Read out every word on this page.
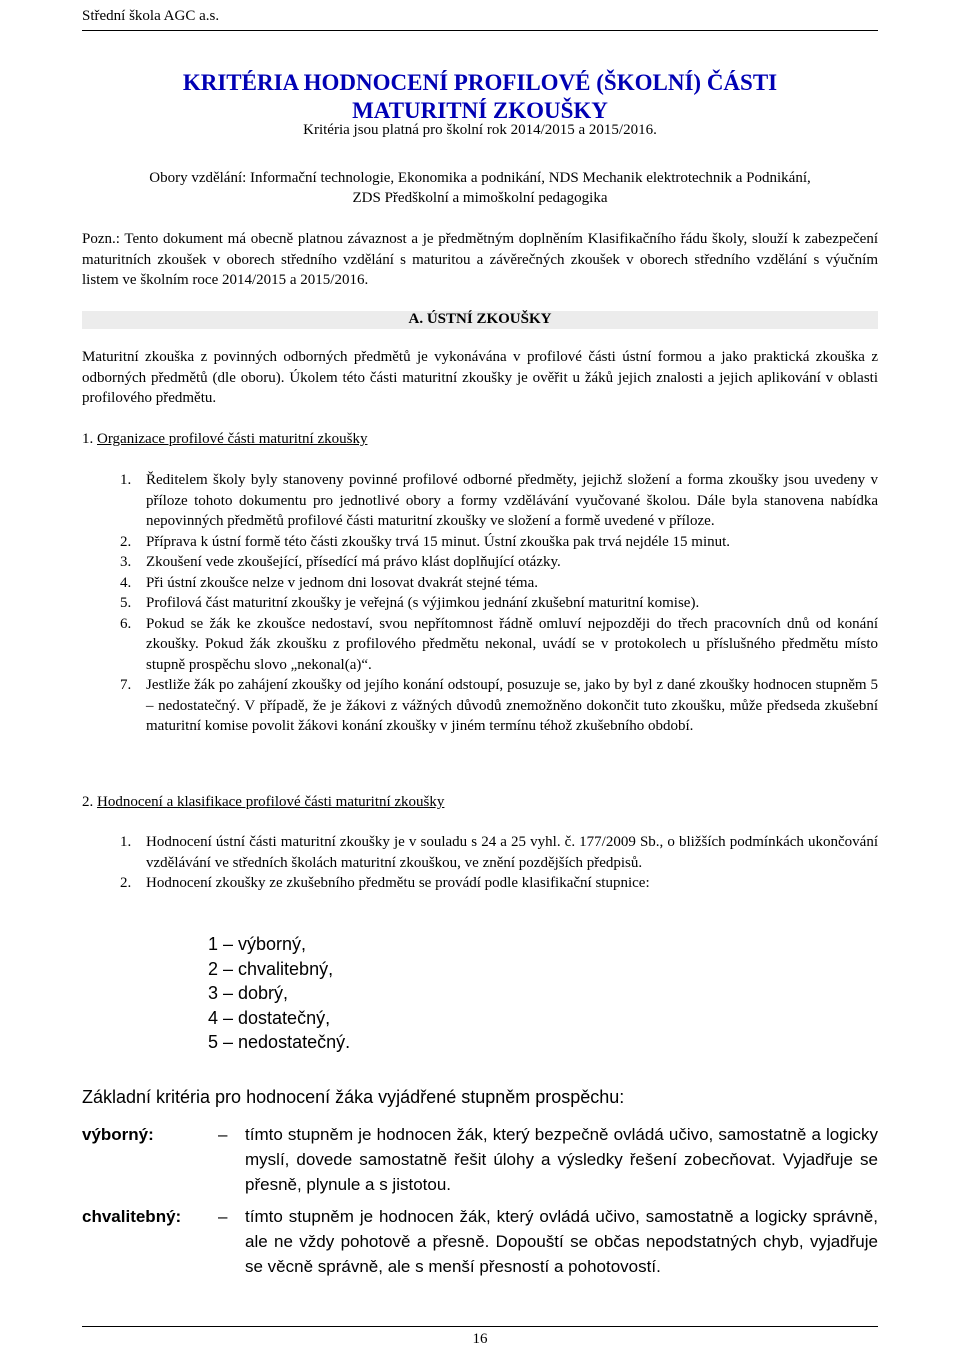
Střední škola AGC a.s.
KRITÉRIA HODNOCENÍ PROFILOVÉ (ŠKOLNÍ) ČÁSTI
MATURITNÍ ZKOUŠKY
Kritéria jsou platná pro školní rok 2014/2015 a 2015/2016.
Obory vzdělání: Informační technologie, Ekonomika a podnikání, NDS Mechanik elektrotechnik a Podnikání,
ZDS Předškolní a mimoškolní pedagogika
Pozn.: Tento dokument má obecně platnou závaznost a je předmětným doplněním Klasifikačního řádu školy, slouží k zabezpečení maturitních zkoušek v oborech středního vzdělání s maturitou a závěrečných zkoušek v oborech středního vzdělání s výučním listem ve školním roce 2014/2015 a 2015/2016.
A. ÚSTNÍ ZKOUŠKY
Maturitní zkouška z povinných odborných předmětů je vykonávána v profilové části ústní formou a jako praktická zkouška z odborných předmětů (dle oboru). Úkolem této části maturitní zkoušky je ověřit u žáků jejich znalosti a jejich aplikování v oblasti profilového předmětu.
1. Organizace profilové části maturitní zkoušky
1. Ředitelem školy byly stanoveny povinné profilové odborné předměty, jejichž složení a forma zkoušky jsou uvedeny v příloze tohoto dokumentu pro jednotlivé obory a formy vzdělávání vyučované školou. Dále byla stanovena nabídka nepovinných předmětů profilové části maturitní zkoušky ve složení a formě uvedené v příloze.
2. Příprava k ústní formě této části zkoušky trvá 15 minut. Ústní zkouška pak trvá nejdéle 15 minut.
3. Zkoušení vede zkoušející, přísedící má právo klást doplňující otázky.
4. Při ústní zkoušce nelze v jednom dni losovat dvakrát stejné téma.
5. Profilová část maturitní zkoušky je veřejná (s výjimkou jednání zkušební maturitní komise).
6. Pokud se žák ke zkoušce nedostaví, svou nepřítomnost řádně omluví nejpozději do třech pracovních dnů od konání zkoušky. Pokud žák zkoušku z profilového předmětu nekonal, uvádí se v protokolech u příslušného předmětu místo stupně prospěchu slovo „nekonal(a)“.
7. Jestliže žák po zahájení zkoušky od jejího konání odstoupí, posuzuje se, jako by byl z dané zkoušky hodnocen stupněm 5 – nedostatečný. V případě, že je žákovi z vážných důvodů znemožněno dokončit tuto zkoušku, může předseda zkušební maturitní komise povolit žákovi konání zkoušky v jiném termínu téhož zkušebního období.
2. Hodnocení a klasifikace profilové části maturitní zkoušky
1. Hodnocení ústní části maturitní zkoušky je v souladu s 24 a 25 vyhl. č. 177/2009 Sb., o bližších podmínkách ukončování vzdělávání ve středních školách maturitní zkouškou, ve znění pozdějších předpisů.
2. Hodnocení zkoušky ze zkušebního předmětu se provádí podle klasifikační stupnice:
1 – výborný,
2 – chvalitebný,
3 – dobrý,
4 – dostatečný,
5 – nedostatečný.
Základní kritéria pro hodnocení žáka vyjádřené stupněm prospěchu:
výborný:	– tímto stupněm je hodnocen žák, který bezpečně ovládá učivo, samostatně a logicky myslí, dovede samostatně řešit úlohy a výsledky řešení zobecňovat. Vyjadřuje se přesně, plynule a s jistotou.
chvalitebný: – tímto stupněm je hodnocen žák, který ovládá učivo, samostatně a logicky správně, ale ne vždy pohotově a přesně. Dopouští se občas nepodstatných chyb, vyjadřuje se věcně správně, ale s menší přesností a pohotovostí.
16
